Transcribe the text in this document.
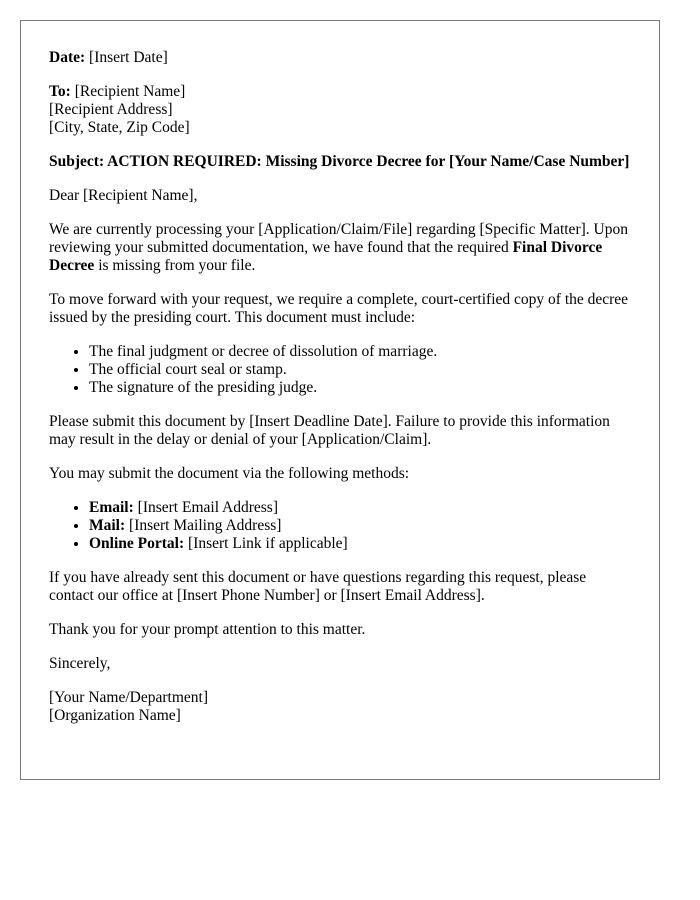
Date: [Insert Date]

To: [Recipient Name]
[Recipient Address]
[City, State, Zip Code]

Subject: ACTION REQUIRED: Missing Divorce Decree for [Your Name/Case Number]

Dear [Recipient Name],

We are currently processing your [Application/Claim/File] regarding [Specific Matter]. Upon reviewing your submitted documentation, we have found that the required Final Divorce Decree is missing from your file.

To move forward with your request, we require a complete, court-certified copy of the decree issued by the presiding court. This document must include:

• The final judgment or decree of dissolution of marriage.
• The official court seal or stamp.
• The signature of the presiding judge.

Please submit this document by [Insert Deadline Date]. Failure to provide this information may result in the delay or denial of your [Application/Claim].

You may submit the document via the following methods:

• Email: [Insert Email Address]
• Mail: [Insert Mailing Address]
• Online Portal: [Insert Link if applicable]

If you have already sent this document or have questions regarding this request, please contact our office at [Insert Phone Number] or [Insert Email Address].

Thank you for your prompt attention to this matter.

Sincerely,

[Your Name/Department]
[Organization Name]
